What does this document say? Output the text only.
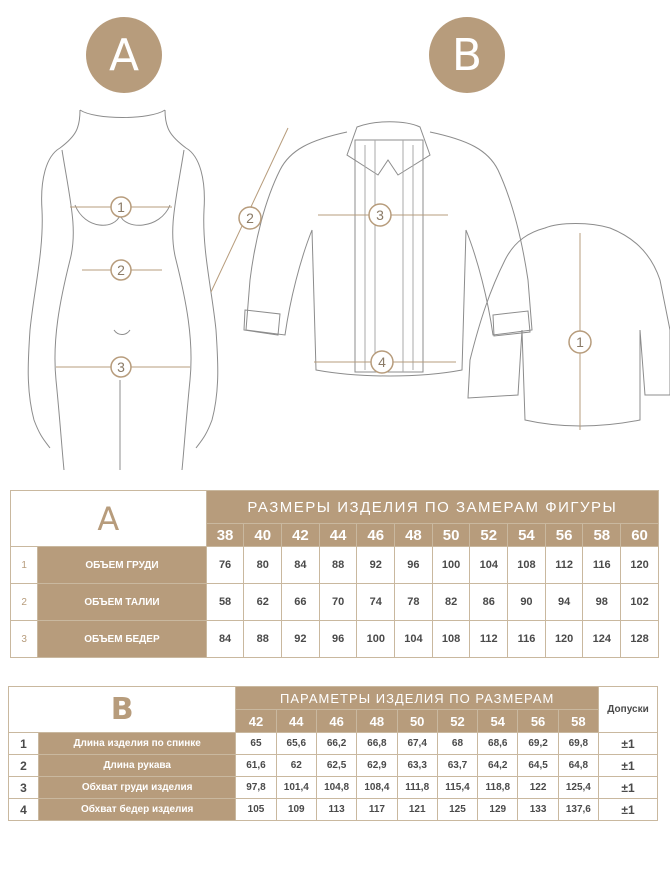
A	B
1
2
3
3
4
2
1
A		РАЗМЕРЫ ИЗДЕЛИЯ ПО ЗАМЕРАМ ФИГУРЫ											
		38	40	42	44	46	48	50	52	54	56	58	60
1	ОБЪЕМ ГРУДИ	76	80	84	88	92	96	100	104	108	112	116	120
2	ОБЪЕМ ТАЛИИ	58	62	66	70	74	78	82	86	90	94	98	102
3	ОБЪЕМ БЕДЕР	84	88	92	96	100	104	108	112	116	120	124	128
B		ПАРАМЕТРЫ ИЗДЕЛИЯ ПО РАЗМЕРАМ									Допуски
		42	44	46	48	50	52	54	56	58	
1	Длина изделия по спинке	65	65,6	66,2	66,8	67,4	68	68,6	69,2	69,8	±1
2	Длина рукава	61,6	62	62,5	62,9	63,3	63,7	64,2	64,5	64,8	±1
3	Обхват груди изделия	97,8	101,4	104,8	108,4	111,8	115,4	118,8	122	125,4	±1
4	Обхват бедер изделия	105	109	113	117	121	125	129	133	137,6	±1
